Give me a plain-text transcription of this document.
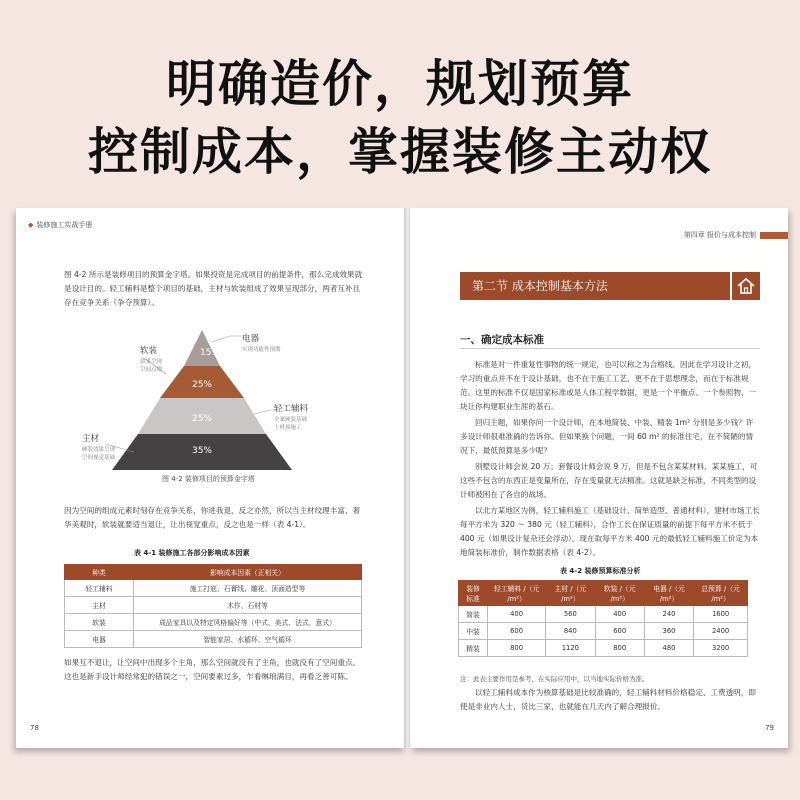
明确造价，规划预算
控制成本，掌握装修主动权
◆ 装修施工实战手册

图 4-2 所示是装修项目的预算金字塔。如果投资是完成项目的前提条件，那么完成效果就是设计目的。轻工辅料是整个项目的基础，主材与软装组成了效果呈现部分，两者互补且存在竞争关系（争夺预算）。

15%
25%
25%
35%
电器
实现功能性预期
软装
效果呈现
空间点缀
轻工辅料
全案硬装基础
土材预施工
主材
硬装效果呈现
空间视觉基础
图 4-2 装修项目的预算金字塔

因为空间的组成元素时刻存在竞争关系，你进我退，反之亦然，所以当主材纹理丰富、奢华美观时，软装就要适当退让，让出视觉重点，反之也是一样（表 4-1）。

表 4-1 装修施工各部分影响成本因素
种类	影响成本因素（正相关）
轻工辅料	施工打底、石膏线、雕花、顶面造型等
主材	木作、石材等
软装	成品家具以及特定风格偏好等（中式、美式、法式、意式）
电器	智能家居、水循环、空气循环

如果互不退让，让空间中出现多个主角，那么空间就没有了主角，也就没有了空间重点。这也是新手设计师经常犯的错误之一，空间要素过多，乍看琳琅满目，再看乏善可陈。

78
第四章 报价与成本控制
第二节 成本控制基本方法
一、确定成本标准

标准是对一件重复性事物的统一规定，也可以称之为合格线。因此在学习设计之初，学习的重点并不在于设计基础，也不在于施工工艺，更不在于思想理念，而在于标准规范。这里的标准不仅是国家标准或是人体工程学数据，更是一个平衡点、一个参照物、一块让你构建职业生涯的基石。

回归主题，如果你问一个设计师，在本地简装、中装、精装 1m² 分别是多少钱？许多设计师很难准确的告诉你。但如果换个问题，一间 60 m² 的标准住宅，在不简陋的情况下，最低预算是多少呢？

别墅设计师会说 20 万；套餐设计师会说 9 万，但是不包含某某材料、某某施工，可这些不包含的东西正是变量所在，存在变量就无法精准。这就是缺乏标准，不同类型的设计师被困在了各自的战场。

以北方某地区为例，轻工辅料施工（基础设计、简单造型、普通材料），建材市场工长每平方米为 320 ～ 380 元（轻工辅料），合作工长在保证质量的前提下每平方米不低于 400 元（如果设计复杂还会浮动）。现在取每平方米 400 元的最低轻工辅料施工价定为本地简装标准价，制作数据表格（表 4-2）。

表 4-2 装修预算标准分析
装修标准	轻工辅料 /（元 /m²）	主材 /（元 /m²）	软装 /（元 /m²）	电器 /（元 /m²）	总预算 /（元 /m²）
简装	400	560	400	240	1600
中装	600	840	600	360	2400
精装	800	1120	800	480	3200
注：此表主要作用是参考，在实际应用中，以当地实际价格为准。

以轻工辅料成本作为核算基础是比较准确的，轻工辅料材料价格稳定、工费透明，即使是非业内人士，货比三家，也就能在几天内了解合理报价。

79
